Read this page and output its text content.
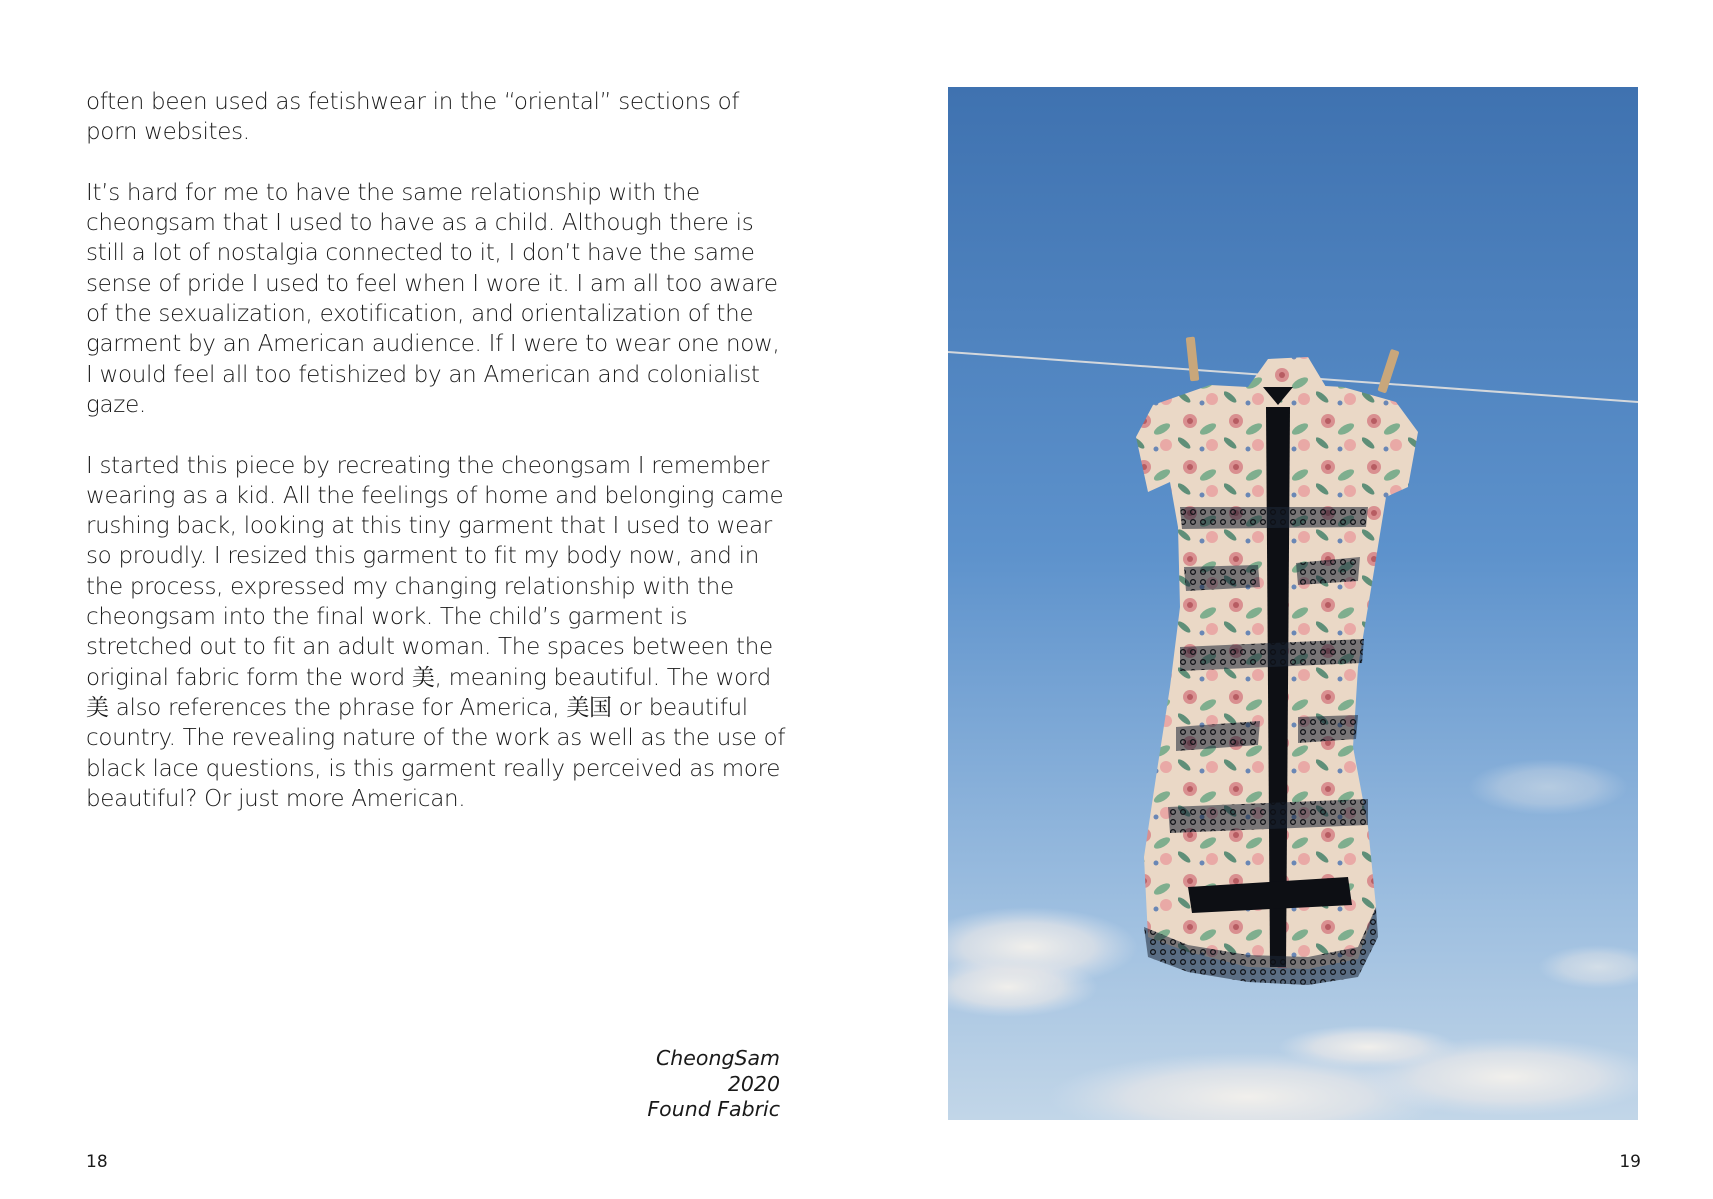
often been used as fetishwear in the “oriental” sections of porn websites.

It’s hard for me to have the same relationship with the cheongsam that I used to have as a child. Although there is still a lot of nostalgia connected to it, I don’t have the same sense of pride I used to feel when I wore it. I am all too aware of the sexualization, exotification, and orientalization of the garment by an American audience. If I were to wear one now, I would feel all too fetishized by an American and colonialist gaze.

I started this piece by recreating the cheongsam I remember wearing as a kid. All the feelings of home and belonging came rushing back, looking at this tiny garment that I used to wear so proudly. I resized this garment to fit my body now, and in the process, expressed my changing relationship with the cheongsam into the final work. The child’s garment is stretched out to fit an adult woman. The spaces between the original fabric form the word 美, meaning beautiful. The word 美 also references the phrase for America, 美国 or beautiful country. The revealing nature of the work as well as the use of black lace questions, is this garment really perceived as more beautiful? Or just more American.

CheongSam
2020
Found Fabric
18	19
